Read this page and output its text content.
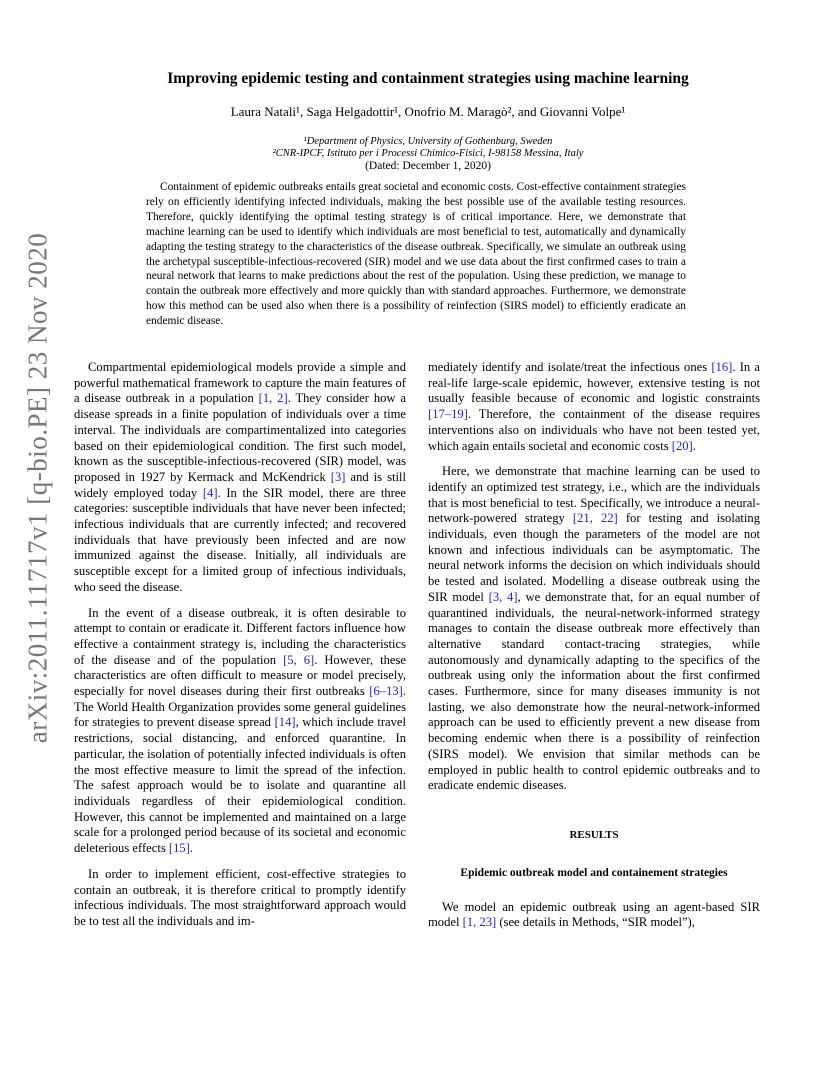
arXiv:2011.11717v1 [q-bio.PE] 23 Nov 2020
Improving epidemic testing and containment strategies using machine learning
Laura Natali¹, Saga Helgadottir¹, Onofrio M. Maragò², and Giovanni Volpe¹
¹Department of Physics, University of Gothenburg, Sweden
²CNR-IPCF, Istituto per i Processi Chimico-Fisici, I-98158 Messina, Italy
(Dated: December 1, 2020)
Containment of epidemic outbreaks entails great societal and economic costs. Cost-effective containment strategies rely on efficiently identifying infected individuals, making the best possible use of the available testing resources. Therefore, quickly identifying the optimal testing strategy is of critical importance. Here, we demonstrate that machine learning can be used to identify which individuals are most beneficial to test, automatically and dynamically adapting the testing strategy to the characteristics of the disease outbreak. Specifically, we simulate an outbreak using the archetypal susceptible-infectious-recovered (SIR) model and we use data about the first confirmed cases to train a neural network that learns to make predictions about the rest of the population. Using these prediction, we manage to contain the outbreak more effectively and more quickly than with standard approaches. Furthermore, we demonstrate how this method can be used also when there is a possibility of reinfection (SIRS model) to efficiently eradicate an endemic disease.

Compartmental epidemiological models provide a simple and powerful mathematical framework to capture the main features of a disease outbreak in a population [1, 2]. They consider how a disease spreads in a finite population of individuals over a time interval. The individuals are compartimentalized into categories based on their epidemiological condition. The first such model, known as the susceptible-infectious-recovered (SIR) model, was proposed in 1927 by Kermack and McKendrick [3] and is still widely employed today [4]. In the SIR model, there are three categories: susceptible individuals that have never been infected; infectious individuals that are currently infected; and recovered individuals that have previously been infected and are now immunized against the disease. Initially, all individuals are susceptible except for a limited group of infectious individuals, who seed the disease.

In the event of a disease outbreak, it is often desirable to attempt to contain or eradicate it. Different factors influence how effective a containment strategy is, including the characteristics of the disease and of the population [5, 6]. However, these characteristics are often difficult to measure or model precisely, especially for novel diseases during their first outbreaks [6–13]. The World Health Organization provides some general guidelines for strategies to prevent disease spread [14], which include travel restrictions, social distancing, and enforced quarantine. In particular, the isolation of potentially infected individuals is often the most effective measure to limit the spread of the infection. The safest approach would be to isolate and quarantine all individuals regardless of their epidemiological condition. However, this cannot be implemented and maintained on a large scale for a prolonged period because of its societal and economic deleterious effects [15].

In order to implement efficient, cost-effective strategies to contain an outbreak, it is therefore critical to promptly identify infectious individuals. The most straightforward approach would be to test all the individuals and im-

mediately identify and isolate/treat the infectious ones [16]. In a real-life large-scale epidemic, however, extensive testing is not usually feasible because of economic and logistic constraints [17–19]. Therefore, the containment of the disease requires interventions also on individuals who have not been tested yet, which again entails societal and economic costs [20].

Here, we demonstrate that machine learning can be used to identify an optimized test strategy, i.e., which are the individuals that is most beneficial to test. Specifically, we introduce a neural-network-powered strategy [21, 22] for testing and isolating individuals, even though the parameters of the model are not known and infectious individuals can be asymptomatic. The neural network informs the decision on which individuals should be tested and isolated. Modelling a disease outbreak using the SIR model [3, 4], we demonstrate that, for an equal number of quarantined individuals, the neural-network-informed strategy manages to contain the disease outbreak more effectively than alternative standard contact-tracing strategies, while autonomously and dynamically adapting to the specifics of the outbreak using only the information about the first confirmed cases. Furthermore, since for many diseases immunity is not lasting, we also demonstrate how the neural-network-informed approach can be used to efficiently prevent a new disease from becoming endemic when there is a possibility of reinfection (SIRS model). We envision that similar methods can be employed in public health to control epidemic outbreaks and to eradicate endemic diseases.

RESULTS
Epidemic outbreak model and containement strategies

We model an epidemic outbreak using an agent-based SIR model [1, 23] (see details in Methods, “SIR model”),
